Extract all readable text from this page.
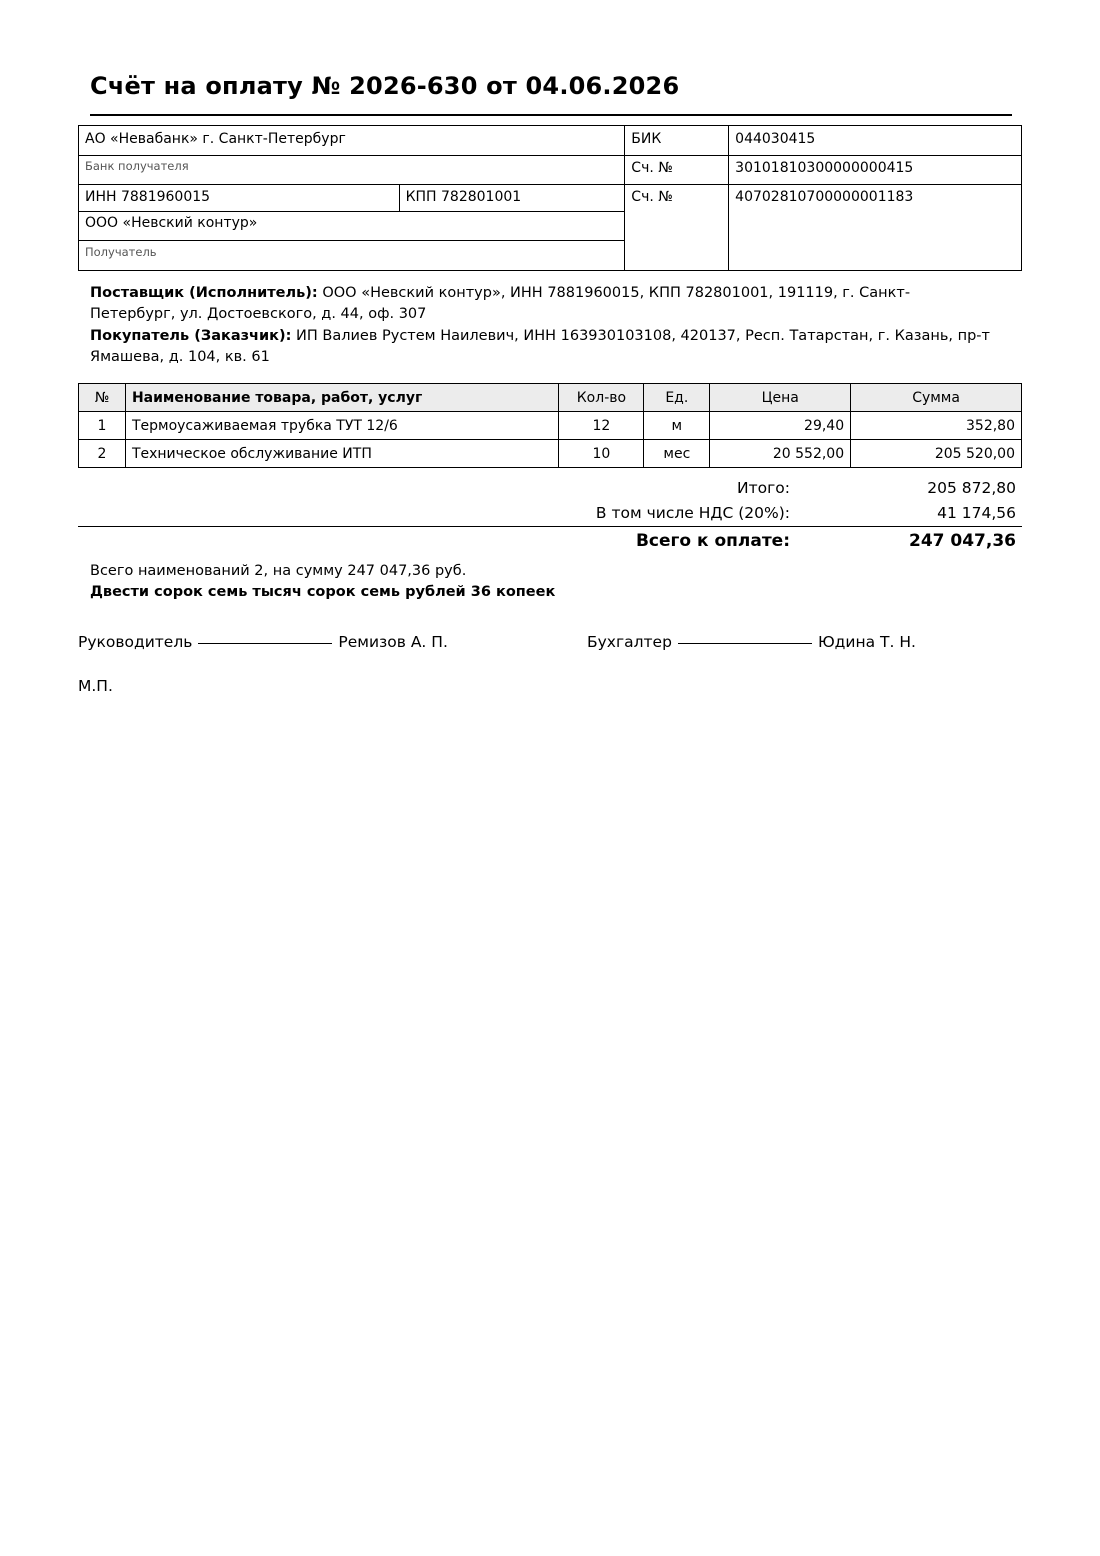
Счёт на оплату № 2026-630 от 04.06.2026
АО «Невабанк» г. Санкт-Петербург		БИК	044030415
Банк получателя		Сч. №	30101810300000000415
ИНН 7881960015	КПП 782801001	Сч. №	40702810700000001183
ООО «Невский контур»			
Получатель			

Поставщик (Исполнитель): ООО «Невский контур», ИНН 7881960015, КПП 782801001, 191119, г. Санкт-Петербург, ул. Достоевского, д. 44, оф. 307

Покупатель (Заказчик): ИП Валиев Рустем Наилевич, ИНН 163930103108, 420137, Респ. Татарстан, г. Казань, пр-т Ямашева, д. 104, кв. 61

№	Наименование товара, работ, услуг	Кол-во	Ед.	Цена	Сумма
1	Термоусаживаемая трубка ТУТ 12/6	12	м	29,40	352,80
2	Техническое обслуживание ИТП	10	мес	20 552,00	205 520,00
Итого:	205 872,80
В том числе НДС (20%):	41 174,56
Всего к оплате:	247 047,36
Всего наименований 2, на сумму 247 047,36 руб.
Двести сорок семь тысяч сорок семь рублей 36 копеек
Руководитель	Ремизов А. П.	Бухгалтер	Юдина Т. Н.
М.П.
